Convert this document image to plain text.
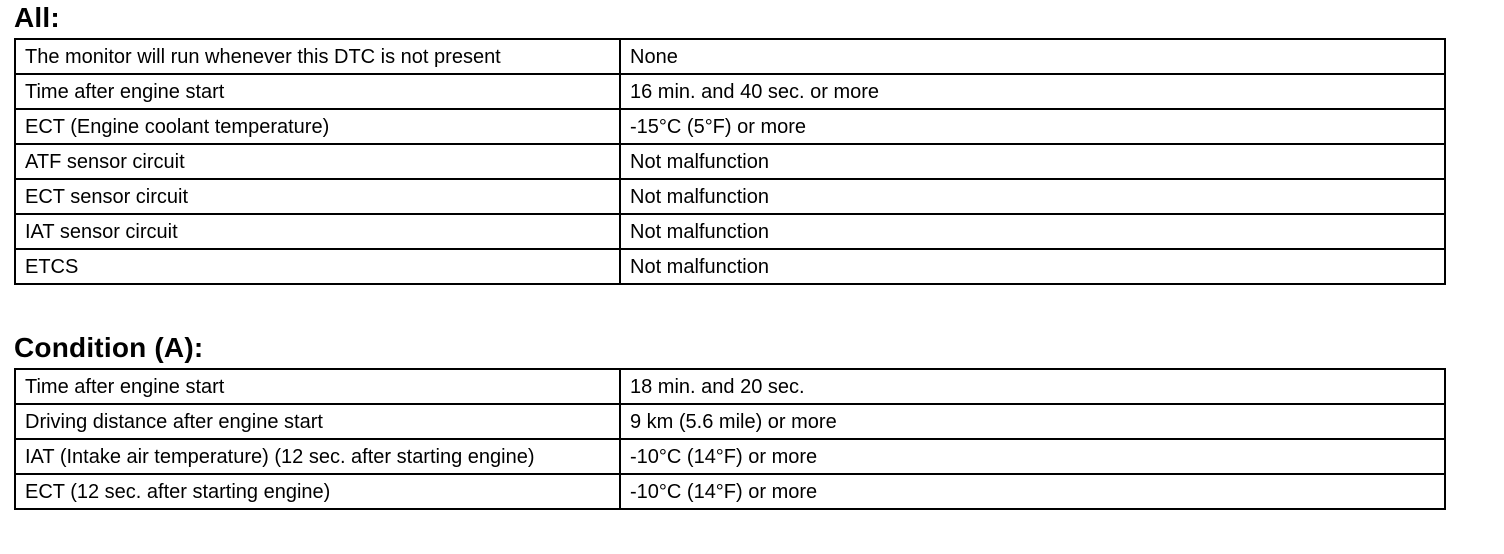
All:
The monitor will run whenever this DTC is not present	None
Time after engine start	16 min. and 40 sec. or more
ECT (Engine coolant temperature)	-15°C (5°F) or more
ATF sensor circuit	Not malfunction
ECT sensor circuit	Not malfunction
IAT sensor circuit	Not malfunction
ETCS	Not malfunction
Condition (A):
Time after engine start	18 min. and 20 sec.
Driving distance after engine start	9 km (5.6 mile) or more
IAT (Intake air temperature) (12 sec. after starting engine)	-10°C (14°F) or more
ECT (12 sec. after starting engine)	-10°C (14°F) or more
